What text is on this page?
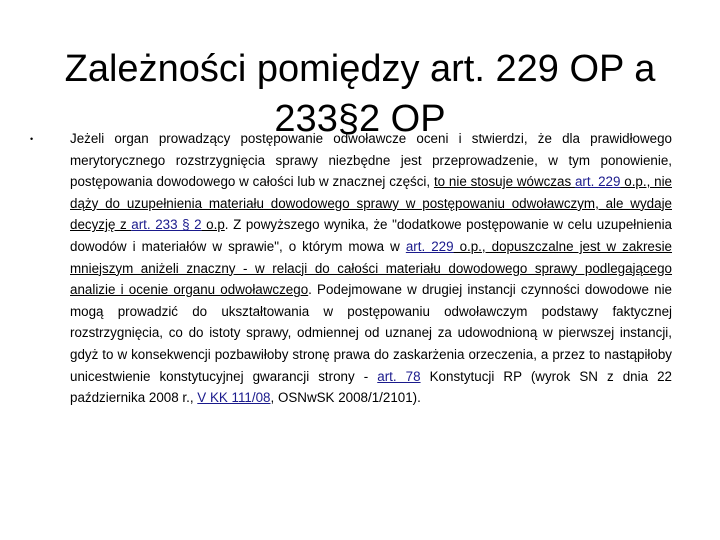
Zależności pomiędzy art. 229 OP a
233§2 OP
•	Jeżeli organ prowadzący postępowanie odwoławcze oceni i stwierdzi, że dla prawidłowego merytorycznego rozstrzygnięcia sprawy niezbędne jest przeprowadzenie, w tym ponowienie, postępowania dowodowego w całości lub w znacznej części, to nie stosuje wówczas art. 229 o.p., nie dąży do uzupełnienia materiału dowodowego sprawy w postępowaniu odwoławczym, ale wydaje decyzję z art. 233 § 2 o.p. Z powyższego wynika, że "dodatkowe postępowanie w celu uzupełnienia dowodów i materiałów w sprawie", o którym mowa w art. 229 o.p., dopuszczalne jest w zakresie mniejszym aniżeli znaczny - w relacji do całości materiału dowodowego sprawy podlegającego analizie i ocenie organu odwoławczego. Podejmowane w drugiej instancji czynności dowodowe nie mogą prowadzić do ukształtowania w postępowaniu odwoławczym podstawy faktycznej rozstrzygnięcia, co do istoty sprawy, odmiennej od uznanej za udowodnioną w pierwszej instancji, gdyż to w konsekwencji pozbawiłoby stronę prawa do zaskarżenia orzeczenia, a przez to nastąpiłoby unicestwienie konstytucyjnej gwarancji strony - art. 78 Konstytucji RP (wyrok SN z dnia 22 października 2008 r., V KK 111/08, OSNwSK 2008/1/2101).
